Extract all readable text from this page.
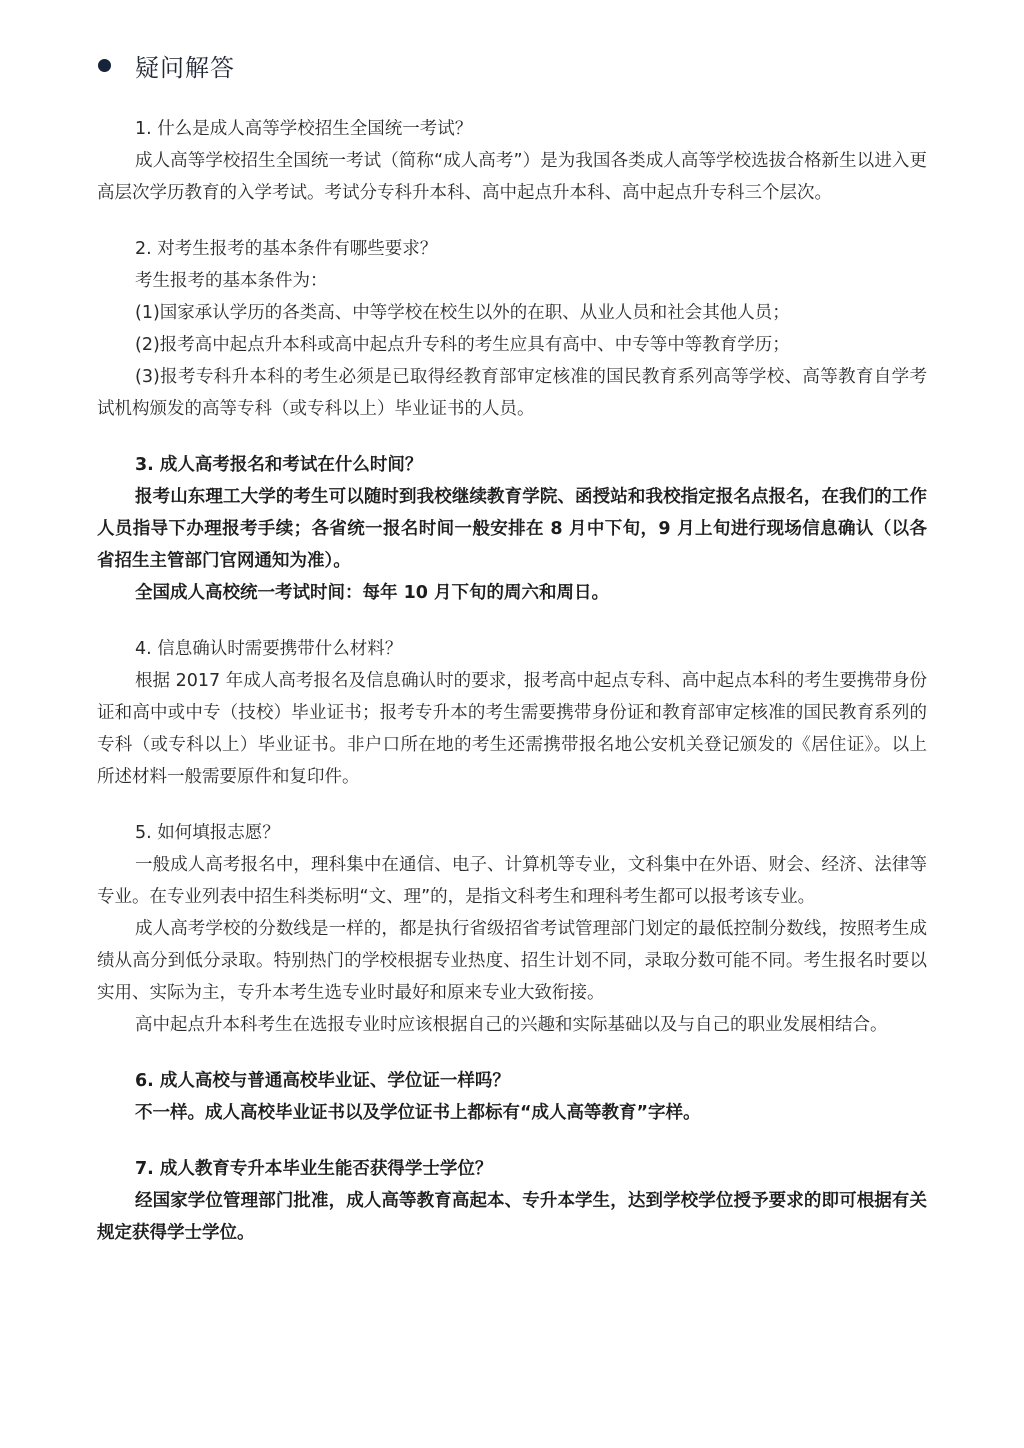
疑问解答
1. 什么是成人高等学校招生全国统一考试？
成人高等学校招生全国统一考试（简称“成人高考”）是为我国各类成人高等学校选拔合格新生以进入更高层次学历教育的入学考试。考试分专科升本科、高中起点升本科、高中起点升专科三个层次。
2. 对考生报考的基本条件有哪些要求？
考生报考的基本条件为：
(1)国家承认学历的各类高、中等学校在校生以外的在职、从业人员和社会其他人员；
(2)报考高中起点升本科或高中起点升专科的考生应具有高中、中专等中等教育学历；
(3)报考专科升本科的考生必须是已取得经教育部审定核准的国民教育系列高等学校、高等教育自学考试机构颁发的高等专科（或专科以上）毕业证书的人员。
3. 成人高考报名和考试在什么时间？
报考山东理工大学的考生可以随时到我校继续教育学院、函授站和我校指定报名点报名，在我们的工作人员指导下办理报考手续；各省统一报名时间一般安排在 8 月中下旬，9 月上旬进行现场信息确认（以各省招生主管部门官网通知为准）。
全国成人高校统一考试时间：每年 10 月下旬的周六和周日。
4. 信息确认时需要携带什么材料？
根据 2017 年成人高考报名及信息确认时的要求，报考高中起点专科、高中起点本科的考生要携带身份证和高中或中专（技校）毕业证书；报考专升本的考生需要携带身份证和教育部审定核准的国民教育系列的专科（或专科以上）毕业证书。非户口所在地的考生还需携带报名地公安机关登记颁发的《居住证》。以上所述材料一般需要原件和复印件。
5. 如何填报志愿？
一般成人高考报名中，理科集中在通信、电子、计算机等专业，文科集中在外语、财会、经济、法律等专业。在专业列表中招生科类标明“文、理”的，是指文科考生和理科考生都可以报考该专业。
成人高考学校的分数线是一样的，都是执行省级招省考试管理部门划定的最低控制分数线，按照考生成绩从高分到低分录取。特别热门的学校根据专业热度、招生计划不同，录取分数可能不同。考生报名时要以实用、实际为主，专升本考生选专业时最好和原来专业大致衔接。
高中起点升本科考生在选报专业时应该根据自己的兴趣和实际基础以及与自己的职业发展相结合。
6. 成人高校与普通高校毕业证、学位证一样吗？
不一样。成人高校毕业证书以及学位证书上都标有“成人高等教育”字样。
7. 成人教育专升本毕业生能否获得学士学位？
经国家学位管理部门批准，成人高等教育高起本、专升本学生，达到学校学位授予要求的即可根据有关规定获得学士学位。
